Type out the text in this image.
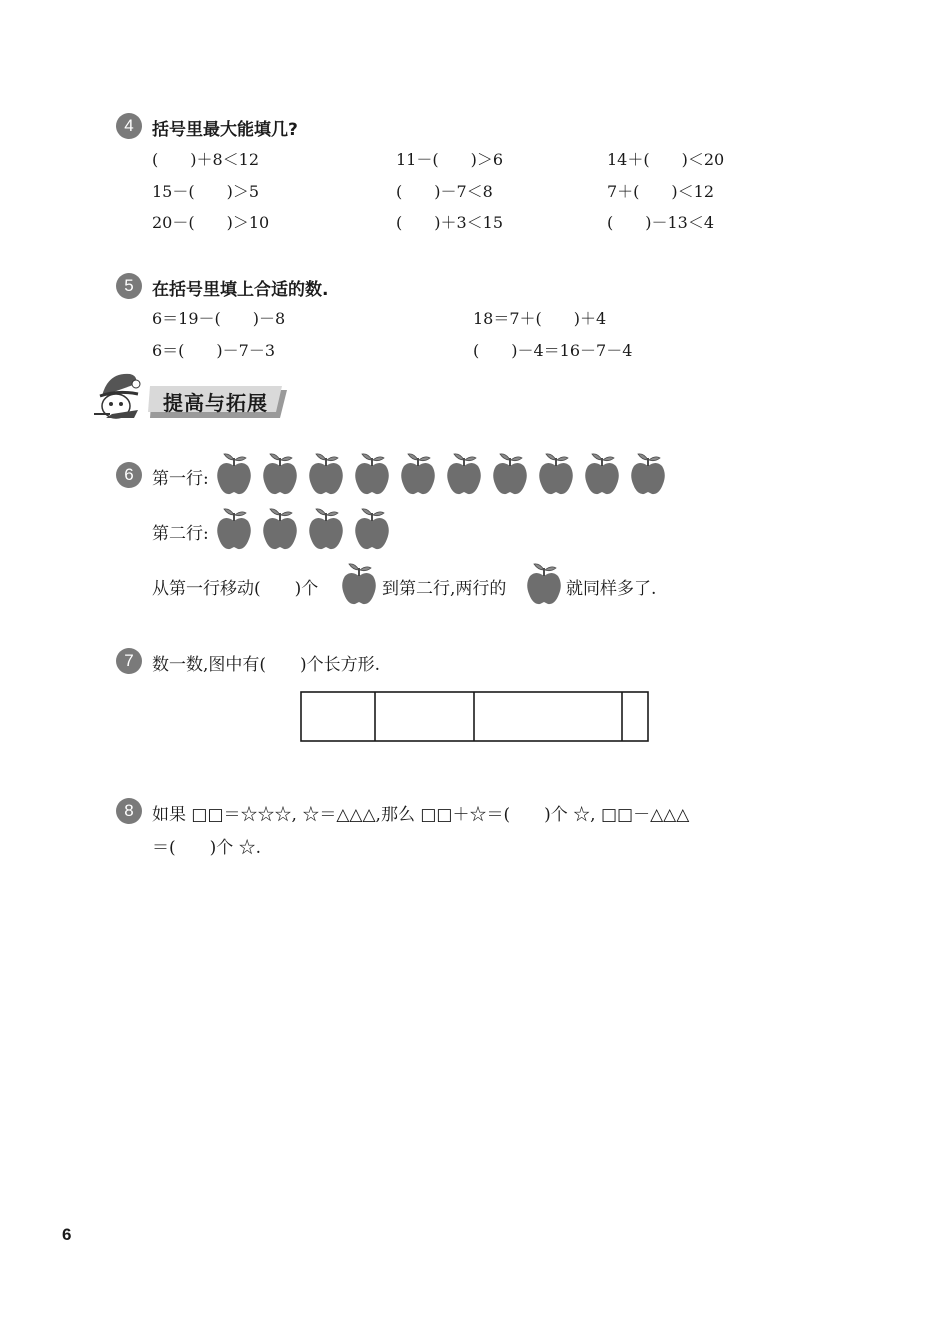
4	括号里最大能填几?
(　　)＋8＜12	11－(　　)＞6	14＋(　　)＜20
15－(　　)＞5	(　　)－7＜8	7＋(　　)＜12
20－(　　)＞10	(　　)＋3＜15	(　　)－13＜4
5	在括号里填上合适的数.
6＝19－(　　)－8	18＝7＋(　　)＋4
6＝(　　)－7－3	(　　)－4＝16－7－4
提高与拓展
6	第一行:
第二行:
从第一行移动(　　)个	到第二行,两行的	就同样多了.
7	数一数,图中有(　　)个长方形.
8	如果 □□＝☆☆☆, ☆＝△△△,那么 □□＋☆＝(　　)个 ☆, □□－△△△
＝(　　)个 ☆.
6
